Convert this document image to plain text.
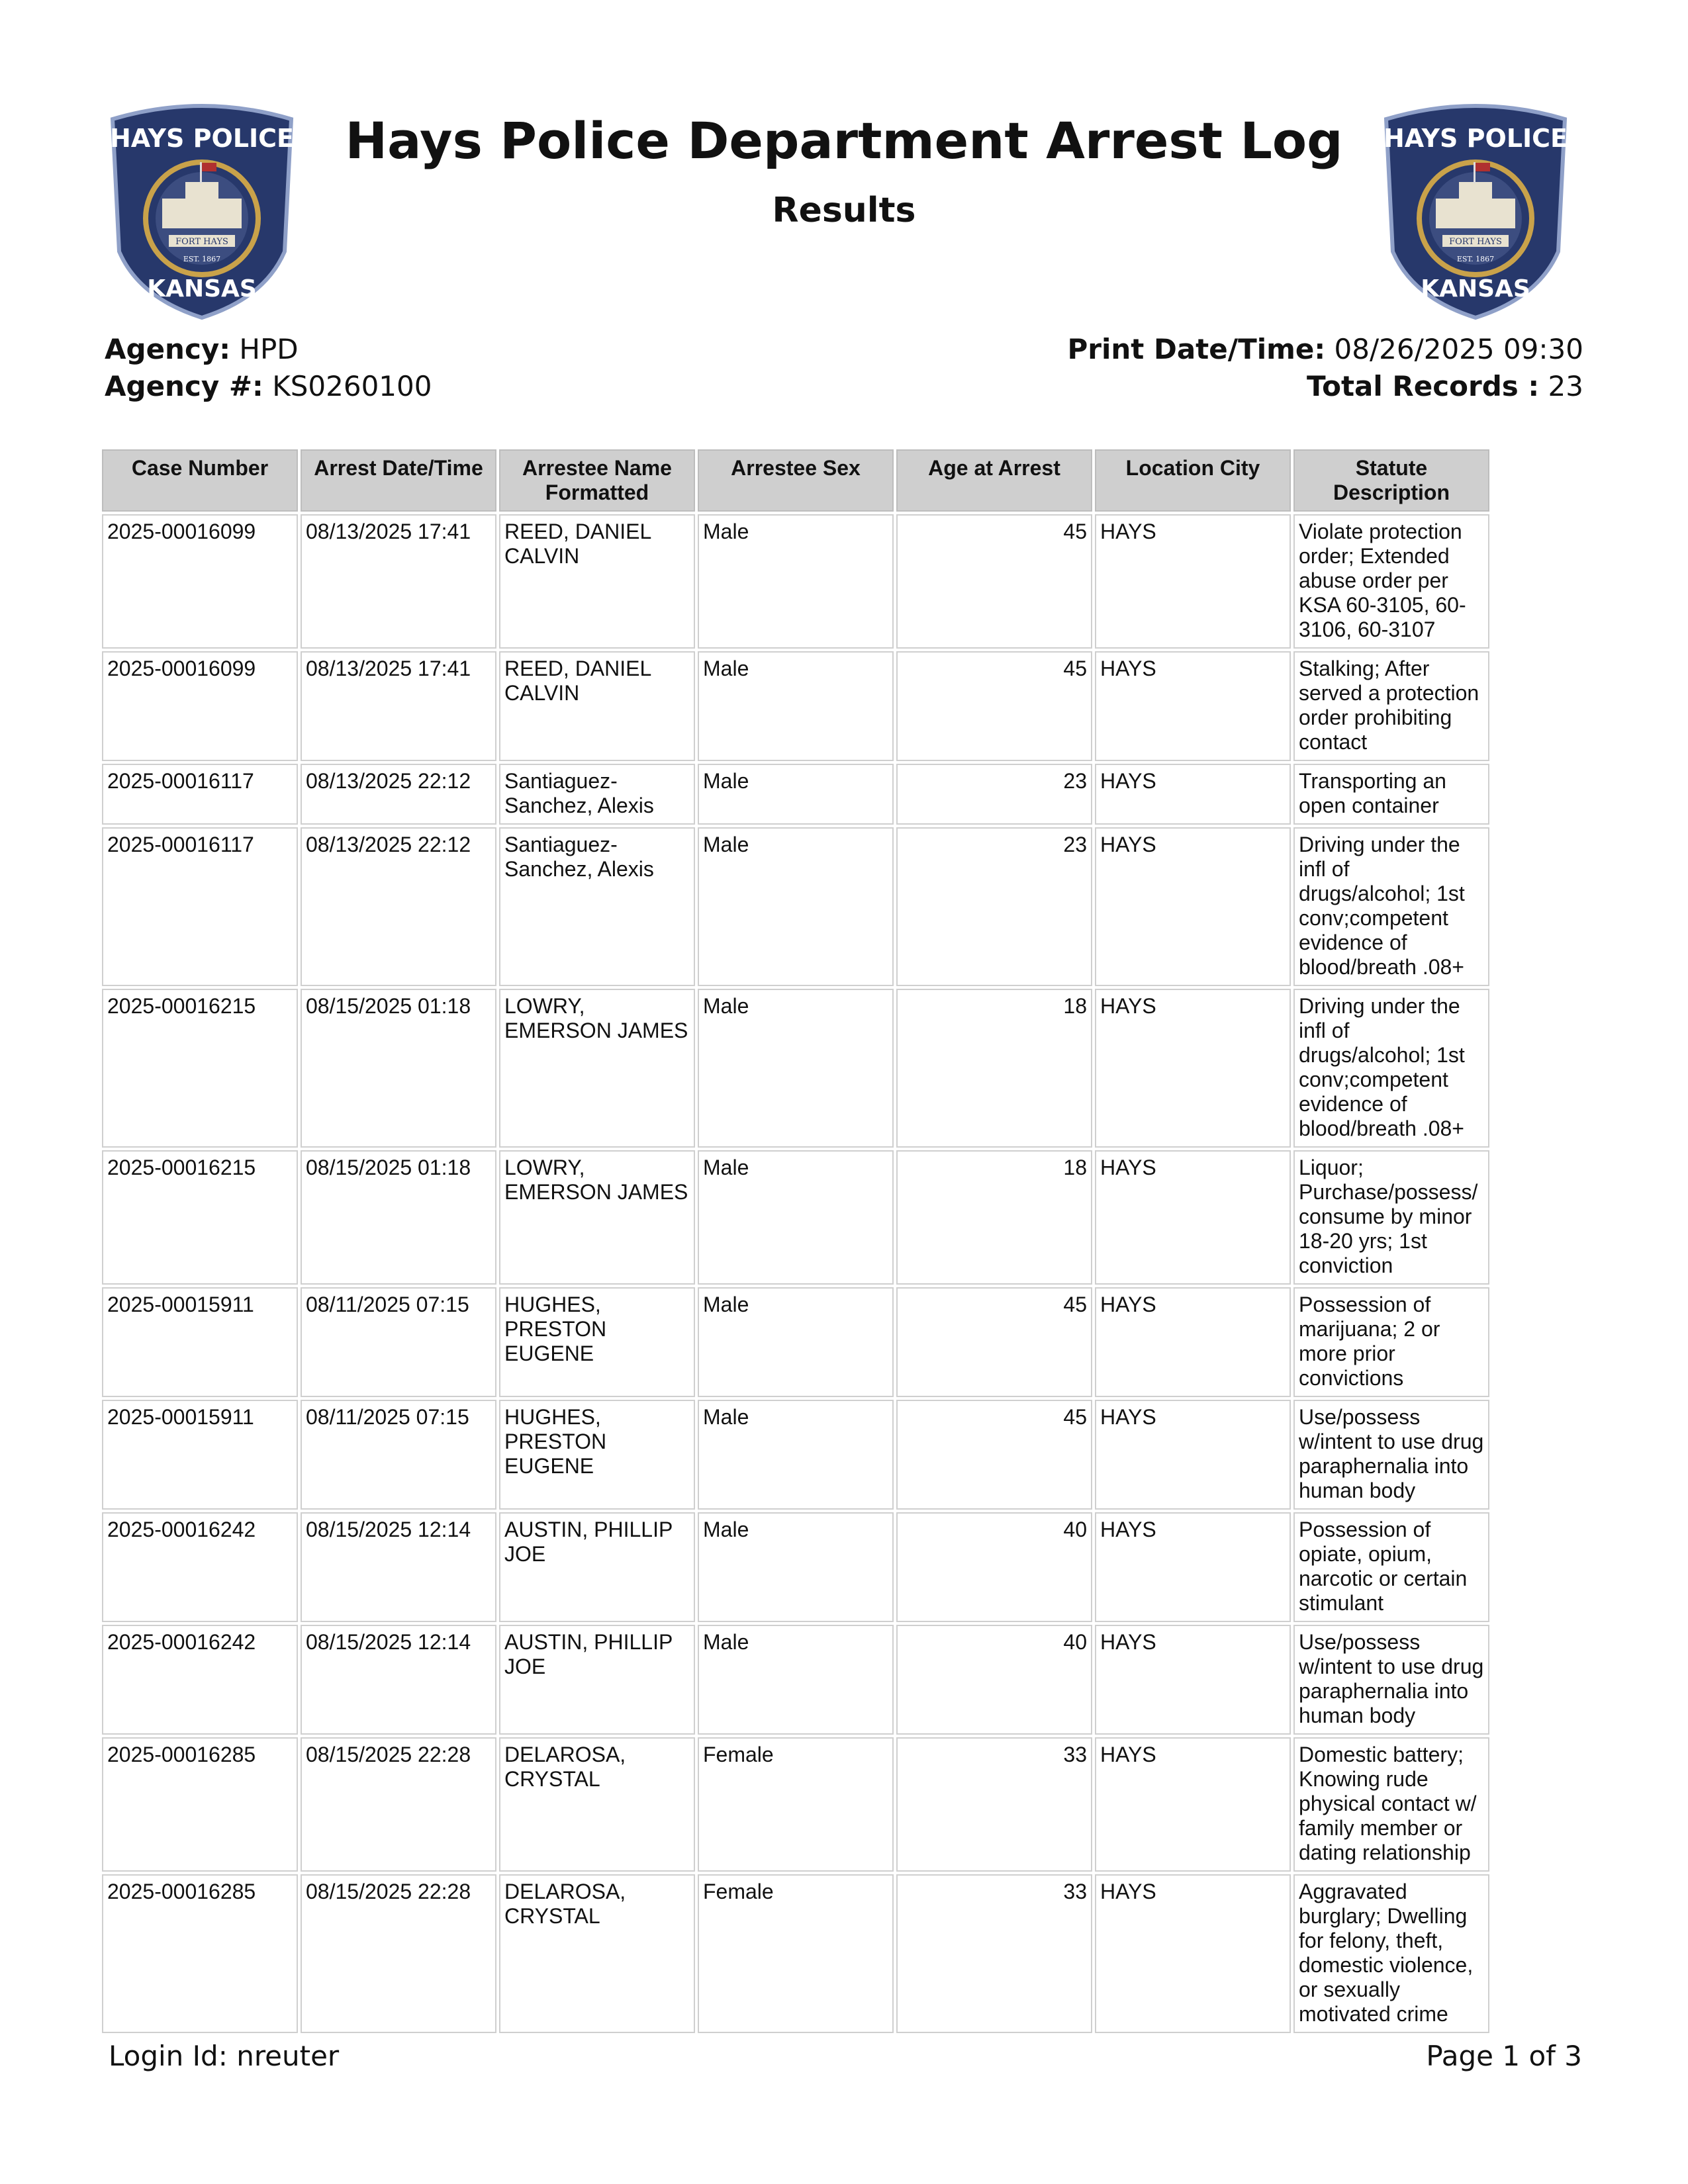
HAYS POLICE
FORT HAYS
EST. 1867
KANSAS
HAYS POLICE
FORT HAYS
EST. 1867
KANSAS
Hays Police Department Arrest Log
Results
Agency: HPD
Agency #: KS0260100
Print Date/Time: 08/26/2025 09:30
Total Records : 23
Case Number	Arrest Date/Time	Arrestee Name Formatted	Arrestee Sex	Age at Arrest	Location City	Statute Description
2025-00016099	08/13/2025 17:41	REED, DANIEL CALVIN	Male	45	HAYS	Violate protection order; Extended abuse order per KSA 60-3105, 60-3106, 60-3107
2025-00016099	08/13/2025 17:41	REED, DANIEL CALVIN	Male	45	HAYS	Stalking; After served a protection order prohibiting contact
2025-00016117	08/13/2025 22:12	Santiaguez-Sanchez, Alexis	Male	23	HAYS	Transporting an open container
2025-00016117	08/13/2025 22:12	Santiaguez-Sanchez, Alexis	Male	23	HAYS	Driving under the infl of drugs/alcohol; 1st conv;competent evidence of blood/breath .08+
2025-00016215	08/15/2025 01:18	LOWRY, EMERSON JAMES	Male	18	HAYS	Driving under the infl of drugs/alcohol; 1st conv;competent evidence of blood/breath .08+
2025-00016215	08/15/2025 01:18	LOWRY, EMERSON JAMES	Male	18	HAYS	Liquor; Purchase/possess/consume by minor 18-20 yrs; 1st conviction
2025-00015911	08/11/2025 07:15	HUGHES, PRESTON EUGENE	Male	45	HAYS	Possession of marijuana; 2 or more prior convictions
2025-00015911	08/11/2025 07:15	HUGHES, PRESTON EUGENE	Male	45	HAYS	Use/possess w/intent to use drug paraphernalia into human body
2025-00016242	08/15/2025 12:14	AUSTIN, PHILLIP JOE	Male	40	HAYS	Possession of opiate, opium, narcotic or certain stimulant
2025-00016242	08/15/2025 12:14	AUSTIN, PHILLIP JOE	Male	40	HAYS	Use/possess w/intent to use drug paraphernalia into human body
2025-00016285	08/15/2025 22:28	DELAROSA, CRYSTAL	Female	33	HAYS	Domestic battery; Knowing rude physical contact w/ family member or dating relationship
2025-00016285	08/15/2025 22:28	DELAROSA, CRYSTAL	Female	33	HAYS	Aggravated burglary; Dwelling for felony, theft, domestic violence, or sexually motivated crime
Login Id: nreuter	Page 1 of 3
